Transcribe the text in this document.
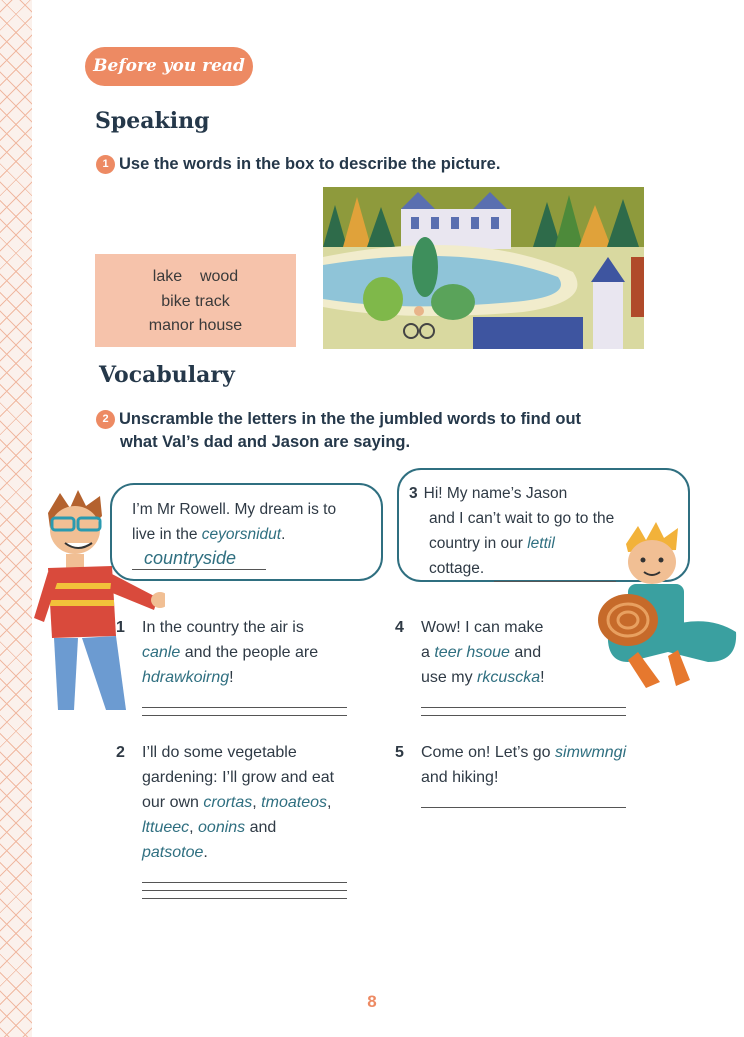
Before you read
Speaking
1 Use the words in the box to describe the picture.
lake wood
bike track
manor house
Vocabulary
2 Unscramble the letters in the the jumbled words to find out
what Val’s dad and Jason are saying.
I’m Mr Rowell. My dream is to
live in the ceyorsnidut.
countryside
3 Hi! My name’s Jason
and I can’t wait to go to the
country in our lettil
cottage.
1 In the country the air is
canle and the people are
hdrawkoirng!
2 I’ll do some vegetable
gardening: I’ll grow and eat
our own crortas, tmoateos,
lttueec, oonins and
patsotoe.
4 Wow! I can make
a teer hsoue and
use my rkcuscka!
5 Come on! Let’s go simwmngi
and hiking!
8
